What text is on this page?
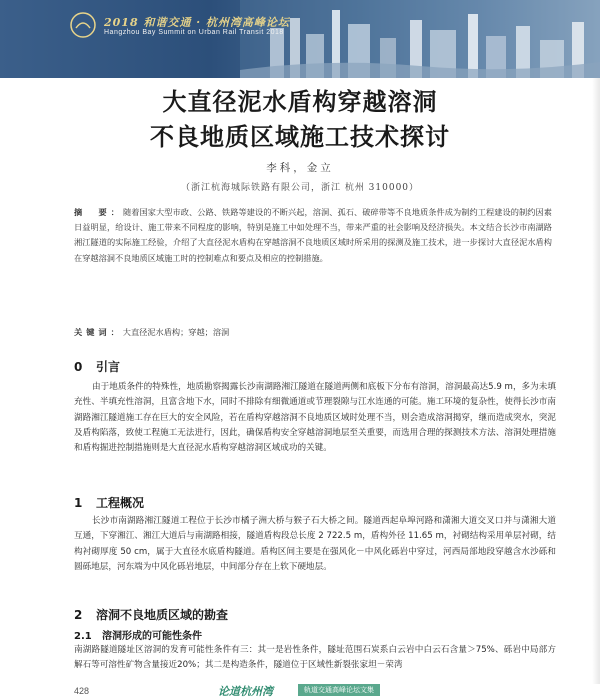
2018 和谐交通 · 杭州湾高峰论坛
Hangzhou Bay Summit on Urban Rail Transit 2018
大直径泥水盾构穿越溶洞
不良地质区域施工技术探讨
李科，金立
（浙江杭海城际铁路有限公司，浙江 杭州 310000）
摘　要：随着国家大型市政、公路、铁路等建设的不断兴起，溶洞、孤石、破碎带等不良地质条件成为制约工程建设的制约因素日益明显，给设计、施工带来不同程度的影响，特别是施工中如处理不当，带来严重的社会影响及经济损失。本文结合长沙市南湖路湘江隧道的实际施工经验，介绍了大直径泥水盾构在穿越溶洞不良地质区域时所采用的探测及施工技术，进一步探讨大直径泥水盾构在穿越溶洞不良地质区域施工时的控制难点和要点及相应的控制措施。
关键词：大直径泥水盾构；穿越；溶洞
0 引言
由于地质条件的特殊性，地质勘察揭露长沙南湖路湘江隧道在隧道两侧和底板下分布有溶洞，溶洞最高达5.9 m，多为未填充性、半填充性溶洞，且富含地下水，同时不排除有细微通道或节理裂隙与江水连通的可能。施工环境的复杂性，使得长沙市南湖路湘江隧道施工存在巨大的安全风险，若在盾构穿越溶洞不良地质区域时处理不当，则会造成溶洞揭穿，继而造成突水，突泥及盾构陷落，致使工程施工无法进行，因此，确保盾构安全穿越溶洞地层至关重要，而选用合理的探测技术方法、溶洞处理措施和盾构掘进控制措施则是大直径泥水盾构穿越溶洞区域成功的关键。
1 工程概况
长沙市南湖路湘江隧道工程位于长沙市橘子洲大桥与猴子石大桥之间。隧道西起阜埠河路和潇湘大道交叉口并与潇湘大道互通，下穿湘江、湘江大道后与南湖路相接，隧道盾构段总长度 2 722.5 m，盾构外径 11.65 m，衬砌结构采用单层衬砌，结构衬砌厚度 50 cm，属于大直径水底盾构隧道。盾构区间主要是在强风化－中风化砾岩中穿过，河西局部地段穿越含水沙砾和圆砾地层，河东端为中风化砾岩地层，中间部分存在上软下硬地层。
2 溶洞不良地质区域的勘查
2.1 溶洞形成的可能性条件
南湖路隧道隧址区溶洞的发育可能性条件有三：其一是岩性条件，隧址范围石炭系白云岩中白云石含量＞75%、砾岩中局部方解石等可溶性矿物含量接近20%；其二是构造条件，隧道位于区域性新裂张家坦－荣湾
428	论道杭州湾	轨道交通高峰论坛文集
